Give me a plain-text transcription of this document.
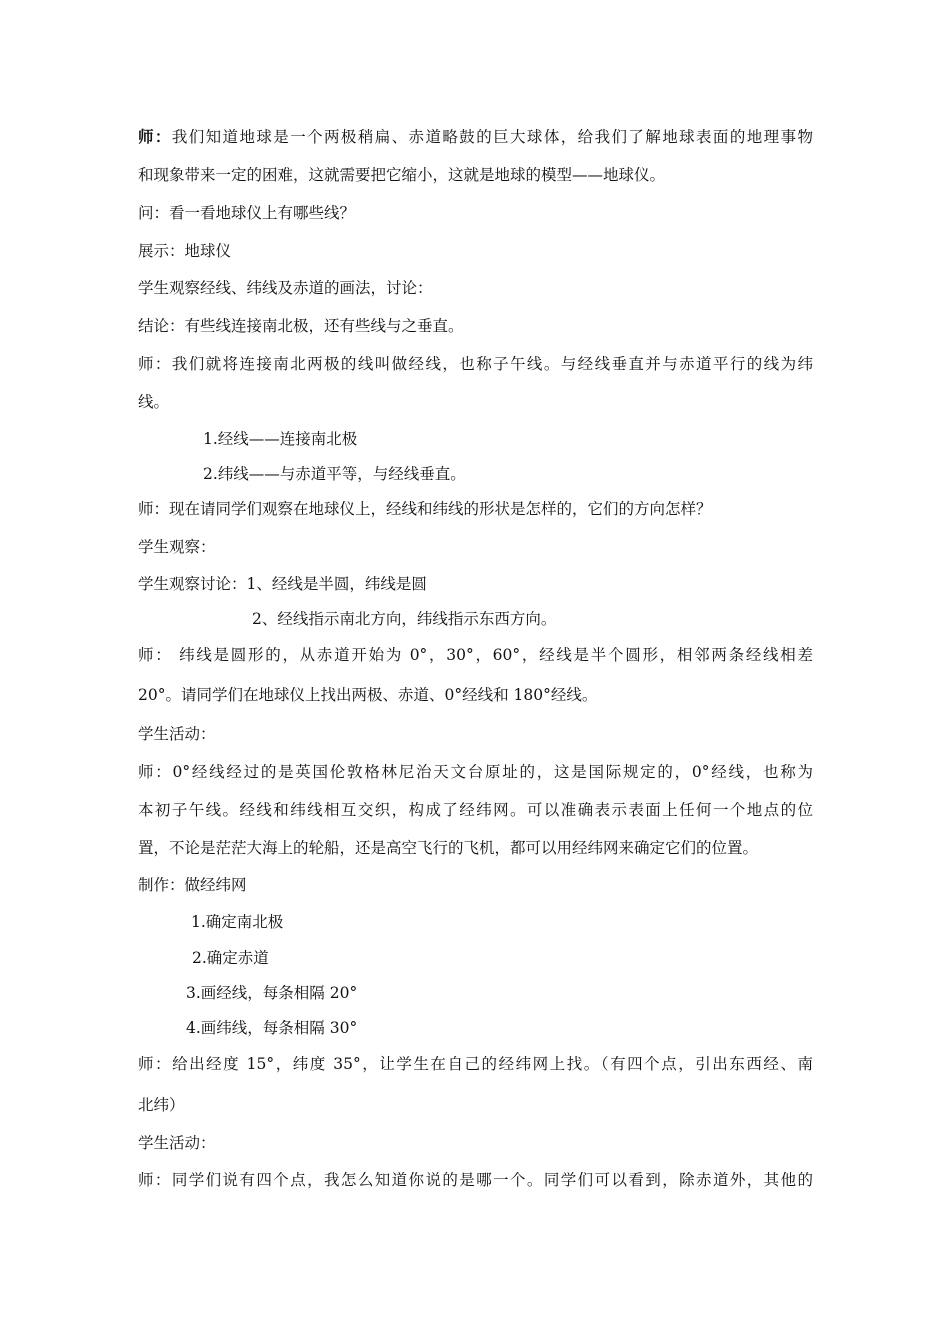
师：我们知道地球是一个两极稍扁、赤道略鼓的巨大球体，给我们了解地球表面的地理事物
和现象带来一定的困难，这就需要把它缩小，这就是地球的模型——地球仪。
问：看一看地球仪上有哪些线？
展示：地球仪
学生观察经线、纬线及赤道的画法，讨论：
结论：有些线连接南北极，还有些线与之垂直。
师：我们就将连接南北两极的线叫做经线，也称子午线。与经线垂直并与赤道平行的线为纬
线。
1.经线——连接南北极
2.纬线——与赤道平等，与经线垂直。
师：现在请同学们观察在地球仪上，经线和纬线的形状是怎样的，它们的方向怎样？
学生观察：
学生观察讨论：1、经线是半圆，纬线是圆
2、经线指示南北方向，纬线指示东西方向。
师： 纬线是圆形的，从赤道开始为 0°，30°，60°，经线是半个圆形，相邻两条经线相差
20°。请同学们在地球仪上找出两极、赤道、0°经线和 180°经线。
学生活动：
师：0°经线经过的是英国伦敦格林尼治天文台原址的，这是国际规定的，0°经线，也称为
本初子午线。经线和纬线相互交织，构成了经纬网。可以准确表示表面上任何一个地点的位
置，不论是茫茫大海上的轮船，还是高空飞行的飞机，都可以用经纬网来确定它们的位置。
制作：做经纬网
1.确定南北极
2.确定赤道
3.画经线，每条相隔 20°
4.画纬线，每条相隔 30°
师：给出经度 15°，纬度 35°，让学生在自己的经纬网上找。（有四个点，引出东西经、南
北纬）
学生活动：
师：同学们说有四个点，我怎么知道你说的是哪一个。同学们可以看到，除赤道外，其他的
